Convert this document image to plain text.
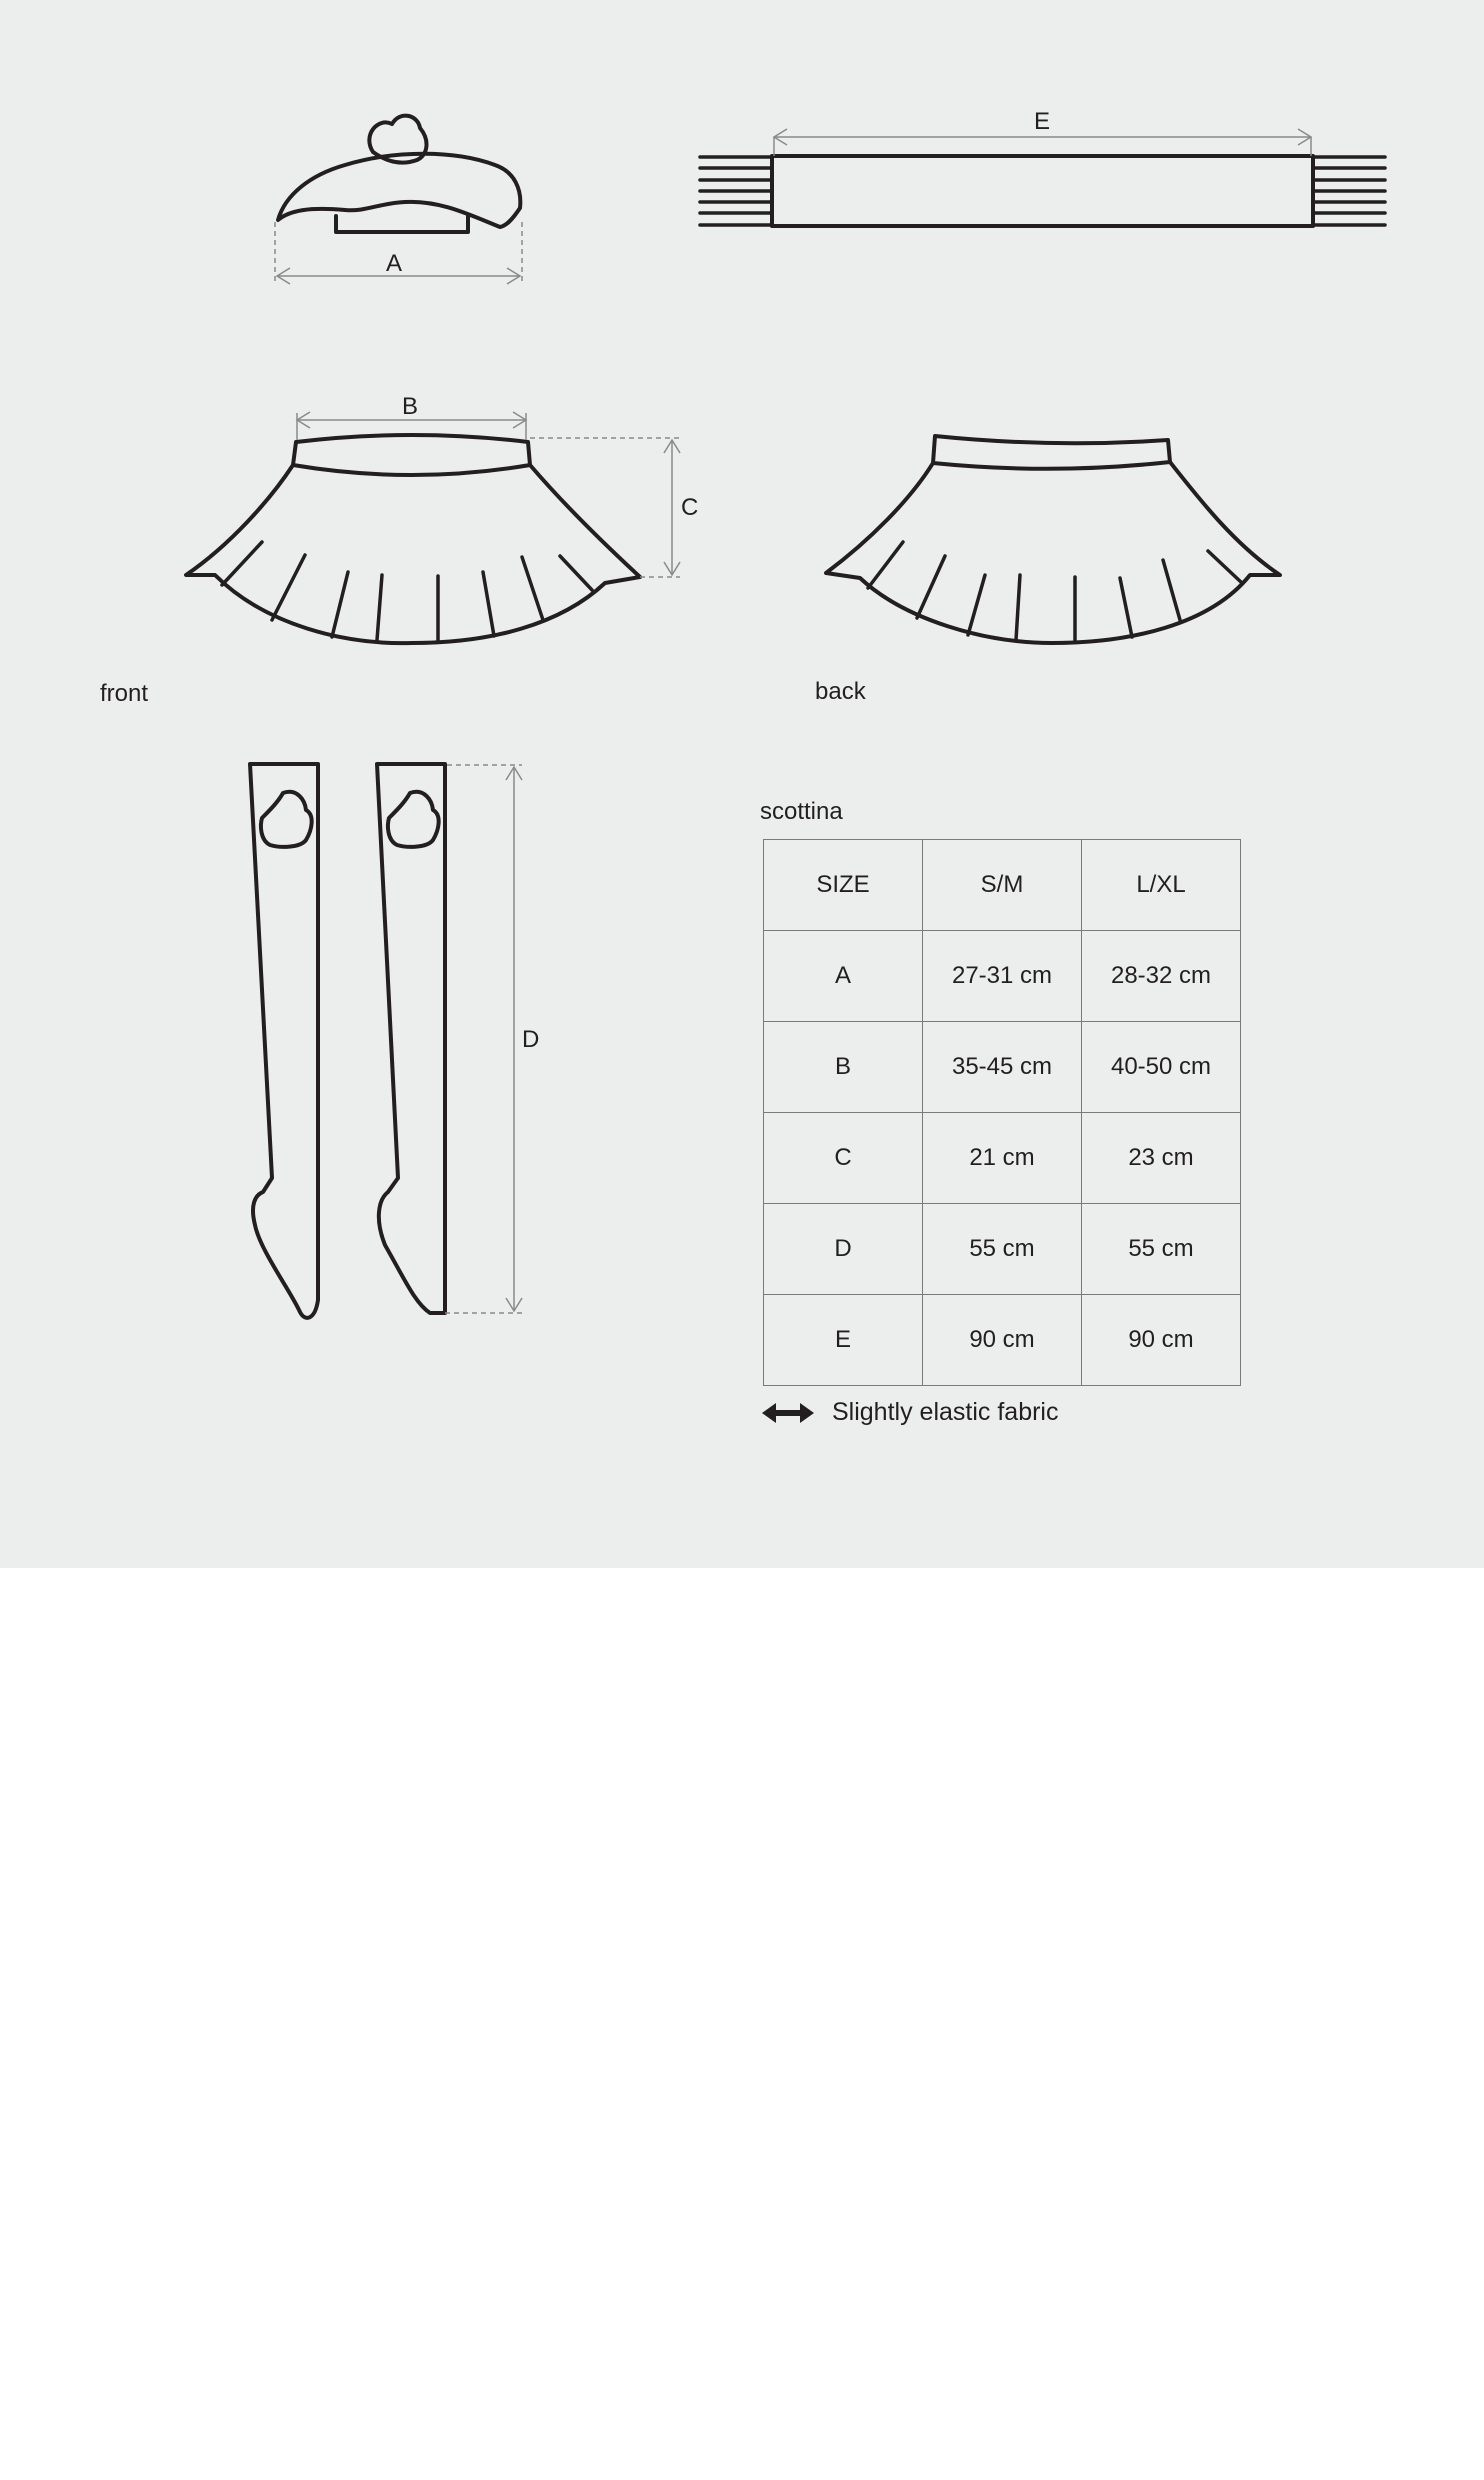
A
E
B
C
D
front	back
scottina
SIZE	S/M	L/XL
A	27-31 cm	28-32 cm
B	35-45 cm	40-50 cm
C	21 cm	23 cm
D	55 cm	55 cm
E	90 cm	90 cm
Slightly elastic fabric
